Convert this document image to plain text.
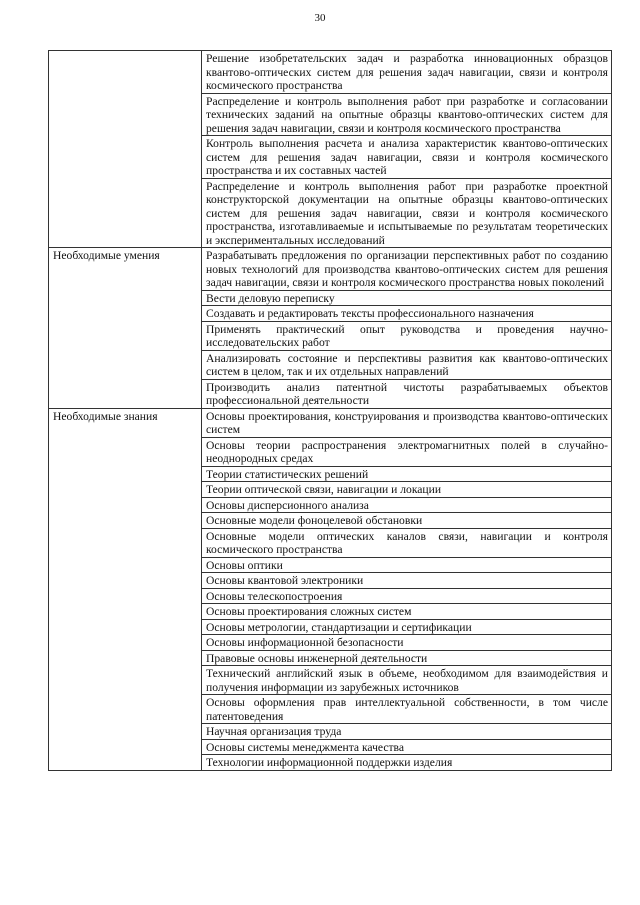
30
	Решение изобретательских задач и разработка инновационных образцов квантово-оптических систем для решения задач навигации, связи и контроля космического пространства
	Распределение и контроль выполнения работ при разработке и согласовании технических заданий на опытные образцы квантово-оптических систем для решения задач навигации, связи и контроля космического пространства
	Контроль выполнения расчета и анализа характеристик квантово-оптических систем для решения задач навигации, связи и контроля космического пространства и их составных частей
	Распределение и контроль выполнения работ при разработке проектной конструкторской документации на опытные образцы квантово-оптических систем для решения задач навигации, связи и контроля космического пространства, изготавливаемые и испытываемые по результатам теоретических и экспериментальных исследований
Необходимые умения	Разрабатывать предложения по организации перспективных работ по созданию новых технологий для производства квантово-оптических систем для решения задач навигации, связи и контроля космического пространства новых поколений
	Вести деловую переписку
	Создавать и редактировать тексты профессионального назначения
	Применять практический опыт руководства и проведения научно-исследовательских работ
	Анализировать состояние и перспективы развития как квантово-оптических систем в целом, так и их отдельных направлений
	Производить анализ патентной чистоты разрабатываемых объектов профессиональной деятельности
Необходимые знания	Основы проектирования, конструирования и производства квантово-оптических систем
	Основы теории распространения электромагнитных полей в случайно-неоднородных средах
	Теории статистических решений
	Теории оптической связи, навигации и локации
	Основы дисперсионного анализа
	Основные модели фоноцелевой обстановки
	Основные модели оптических каналов связи, навигации и контроля космического пространства
	Основы оптики
	Основы квантовой электроники
	Основы телескопостроения
	Основы проектирования сложных систем
	Основы метрологии, стандартизации и сертификации
	Основы информационной безопасности
	Правовые основы инженерной деятельности
	Технический английский язык в объеме, необходимом для взаимодействия и получения информации из зарубежных источников
	Основы оформления прав интеллектуальной собственности, в том числе патентоведения
	Научная организация труда
	Основы системы менеджмента качества
	Технологии информационной поддержки изделия
